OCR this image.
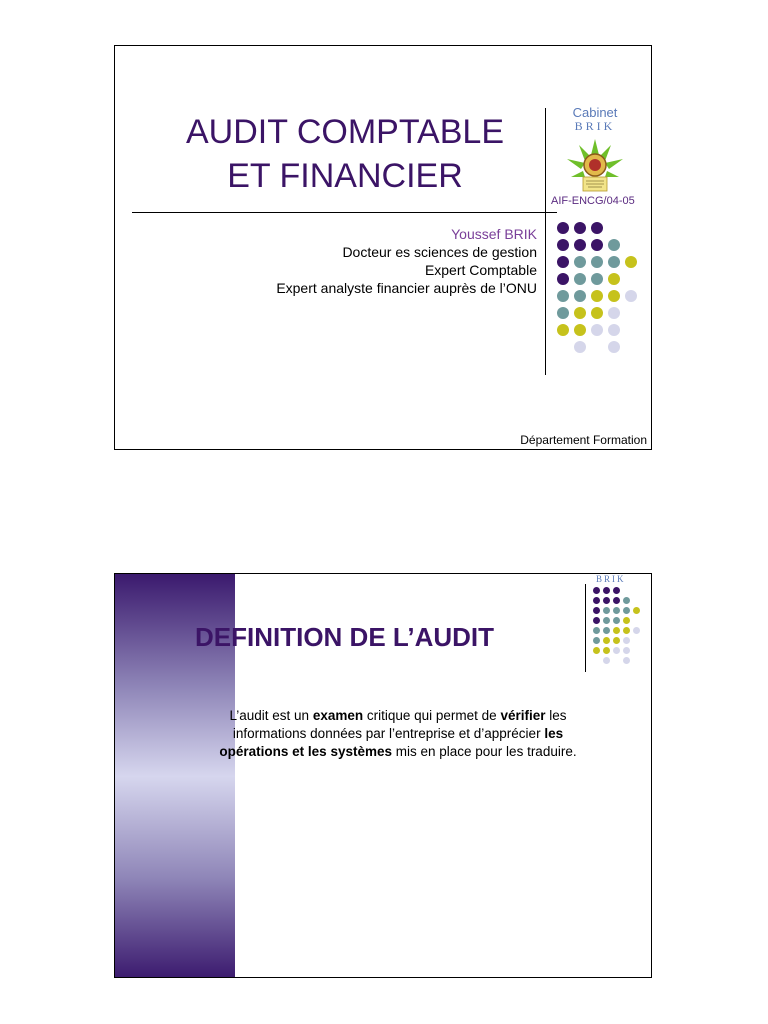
AUDIT COMPTABLE
ET FINANCIER
Cabinet
BRIK
AIF-ENCG/04-05
Youssef BRIK
Docteur es sciences de gestion
Expert Comptable
Expert analyste financier auprès de l’ONU
Département Formation
BRIK
DEFINITION DE L’AUDIT
L’audit est un examen critique qui permet de vérifier les informations données par l’entreprise et d’apprécier les opérations et les systèmes mis en place pour les traduire.
